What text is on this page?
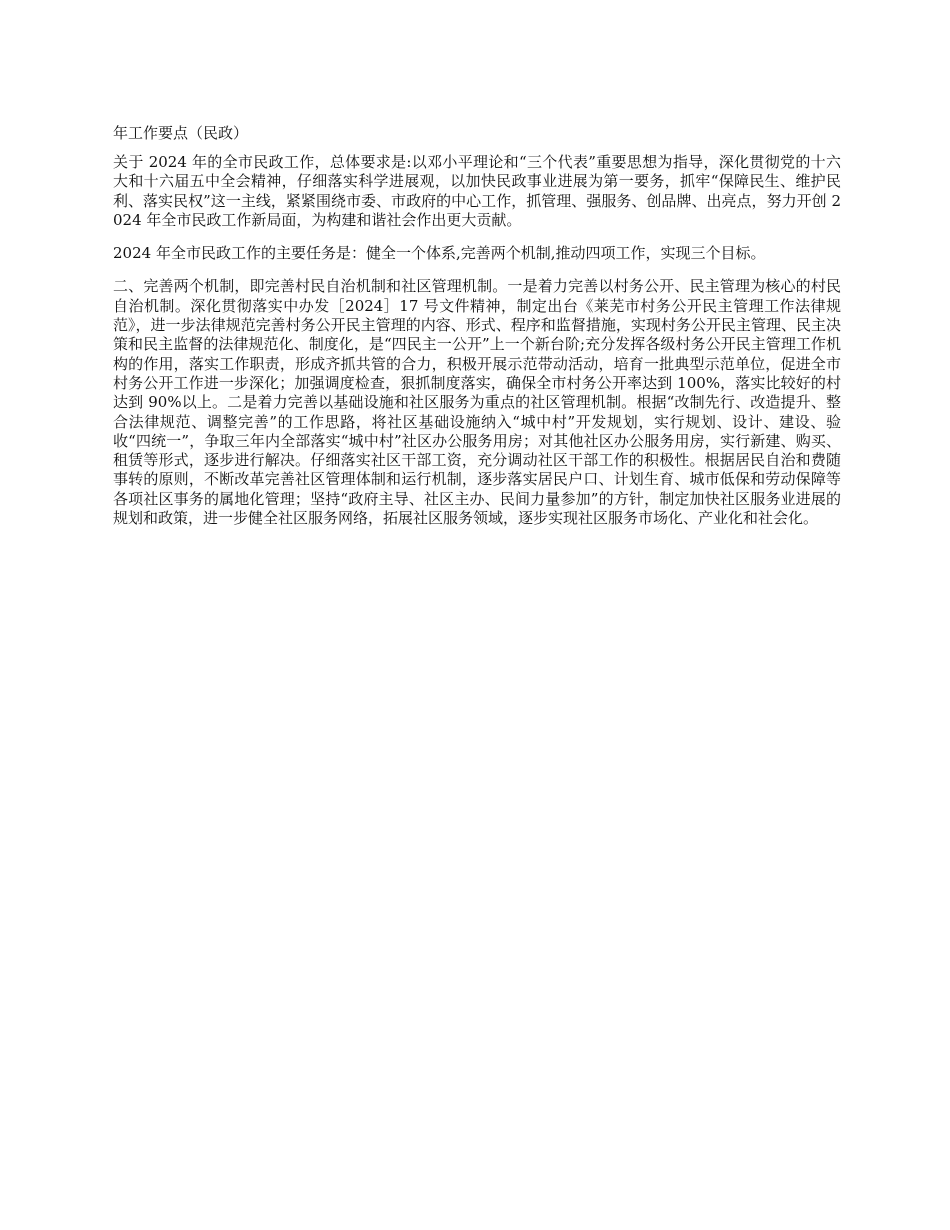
年工作要点（民政）

关于 2024 年的全市民政工作，总体要求是:以邓小平理论和“三个代表”重要思想为指导，深化贯彻党的十六大和十六届五中全会精神，仔细落实科学进展观，以加快民政事业进展为第一要务，抓牢“保障民生、维护民利、落实民权”这一主线，紧紧围绕市委、市政府的中心工作，抓管理、强服务、创品牌、出亮点，努力开创 2024 年全市民政工作新局面，为构建和谐社会作出更大贡献。

2024 年全市民政工作的主要任务是：健全一个体系,完善两个机制,推动四项工作，实现三个目标。

二、完善两个机制，即完善村民自治机制和社区管理机制。一是着力完善以村务公开、民主管理为核心的村民自治机制。深化贯彻落实中办发［2024］17 号文件精神，制定出台《莱芜市村务公开民主管理工作法律规范》，进一步法律规范完善村务公开民主管理的内容、形式、程序和监督措施，实现村务公开民主管理、民主决策和民主监督的法律规范化、制度化，是“四民主一公开”上一个新台阶;充分发挥各级村务公开民主管理工作机构的作用，落实工作职责，形成齐抓共管的合力，积极开展示范带动活动，培育一批典型示范单位，促进全市村务公开工作进一步深化；加强调度检查，狠抓制度落实，确保全市村务公开率达到 100%，落实比较好的村达到 90%以上。二是着力完善以基础设施和社区服务为重点的社区管理机制。根据“改制先行、改造提升、整合法律规范、调整完善”的工作思路，将社区基础设施纳入“城中村”开发规划，实行规划、设计、建设、验收“四统一”，争取三年内全部落实“城中村”社区办公服务用房；对其他社区办公服务用房，实行新建、购买、租赁等形式，逐步进行解决。仔细落实社区干部工资，充分调动社区干部工作的积极性。根据居民自治和费随事转的原则，不断改革完善社区管理体制和运行机制，逐步落实居民户口、计划生育、城市低保和劳动保障等各项社区事务的属地化管理；坚持“政府主导、社区主办、民间力量参加”的方针，制定加快社区服务业进展的规划和政策，进一步健全社区服务网络，拓展社区服务领域，逐步实现社区服务市场化、产业化和社会化。
